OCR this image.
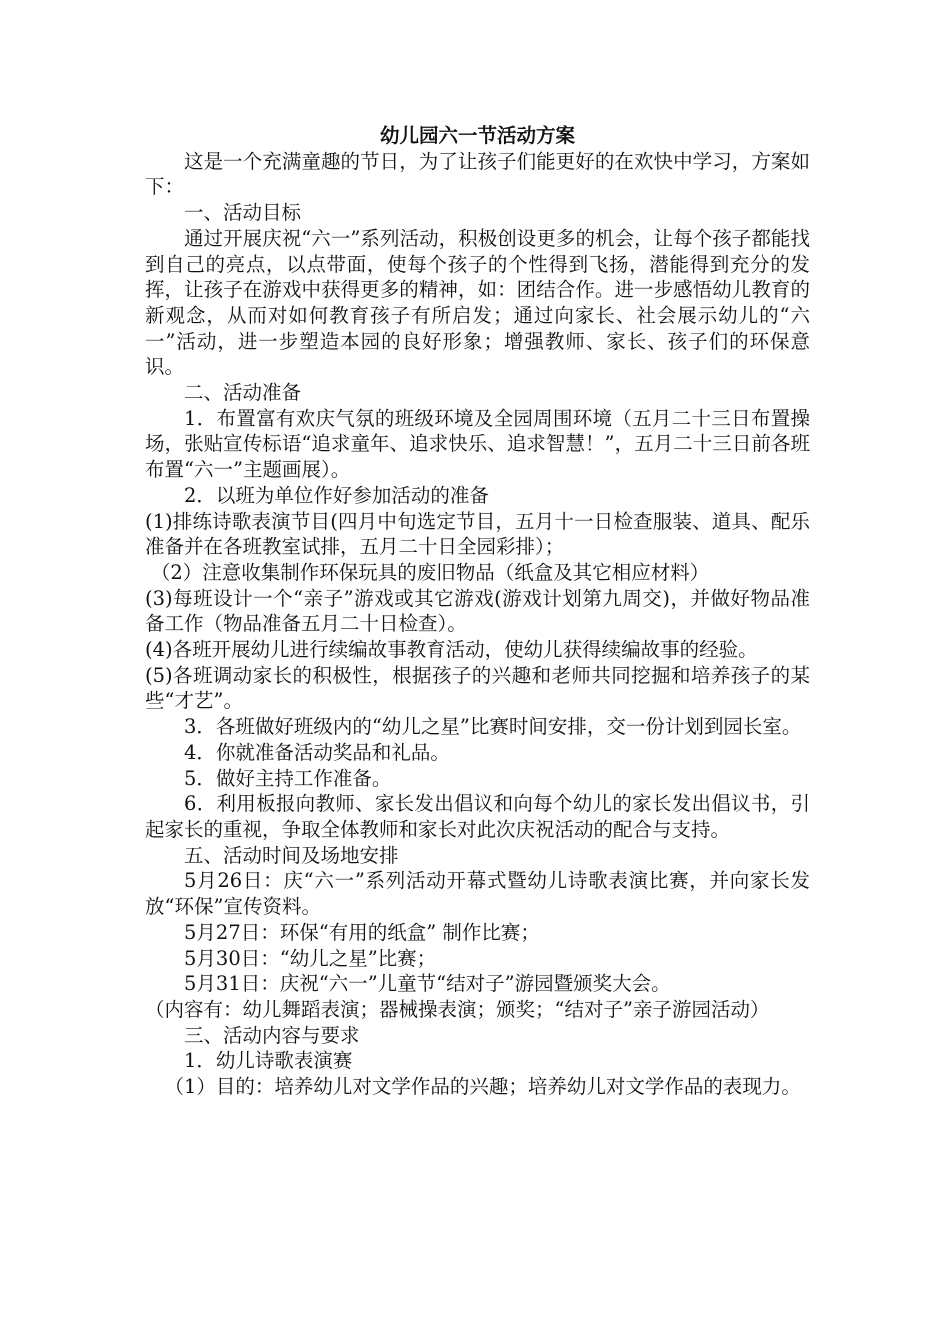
幼儿园六一节活动方案

这是一个充满童趣的节日，为了让孩子们能更好的在欢快中学习，方案如下：

一、活动目标

通过开展庆祝“六一”系列活动，积极创设更多的机会，让每个孩子都能找到自己的亮点，以点带面，使每个孩子的个性得到飞扬，潜能得到充分的发挥，让孩子在游戏中获得更多的精神，如：团结合作。进一步感悟幼儿教育的新观念，从而对如何教育孩子有所启发；通过向家长、社会展示幼儿的“六一”活动，进一步塑造本园的良好形象；增强教师、家长、孩子们的环保意识。

二、活动准备

1．布置富有欢庆气氛的班级环境及全园周围环境（五月二十三日布置操场，张贴宣传标语“追求童年、追求快乐、追求智慧！”，五月二十三日前各班布置“六一”主题画展）。

2．以班为单位作好参加活动的准备

(1)排练诗歌表演节目(四月中旬选定节目，五月十一日检查服装、道具、配乐准备并在各班教室试排，五月二十日全园彩排）；

（2）注意收集制作环保玩具的废旧物品（纸盒及其它相应材料）

(3)每班设计一个“亲子”游戏或其它游戏(游戏计划第九周交)，并做好物品准备工作（物品准备五月二十日检查）。

(4)各班开展幼儿进行续编故事教育活动，使幼儿获得续编故事的经验。

(5)各班调动家长的积极性，根据孩子的兴趣和老师共同挖掘和培养孩子的某些“才艺”。

3．各班做好班级内的“幼儿之星”比赛时间安排，交一份计划到园长室。

4．你就准备活动奖品和礼品。

5．做好主持工作准备。

6．利用板报向教师、家长发出倡议和向每个幼儿的家长发出倡议书，引起家长的重视，争取全体教师和家长对此次庆祝活动的配合与支持。

五、活动时间及场地安排

5月26日：庆“六一”系列活动开幕式暨幼儿诗歌表演比赛，并向家长发放“环保”宣传资料。

5月27日：环保“有用的纸盒” 制作比赛；

5月30日：“幼儿之星”比赛；

5月31日：庆祝“六一”儿童节“结对子”游园暨颁奖大会。

（内容有：幼儿舞蹈表演；器械操表演；颁奖；“结对子”亲子游园活动）

三、活动内容与要求

1．幼儿诗歌表演赛

（1）目的：培养幼儿对文学作品的兴趣；培养幼儿对文学作品的表现力。
